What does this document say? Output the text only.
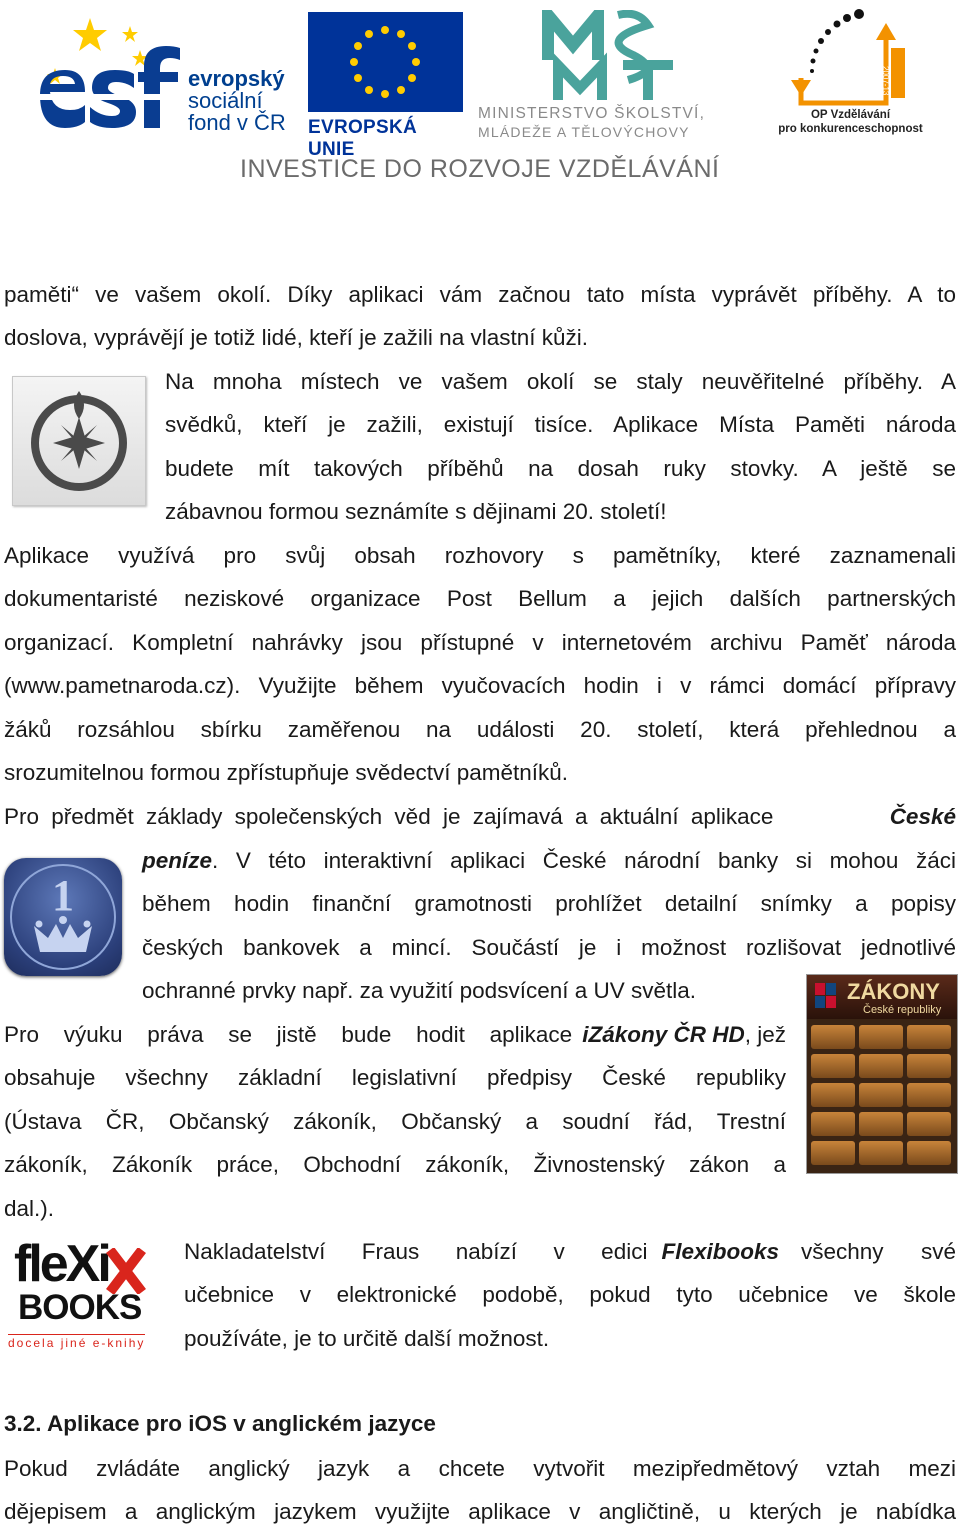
evropský
sociální
fond v ČR EVROPSKÁ UNIE
MINISTERSTVO ŠKOLSTVÍ,
MLÁDEŽE A TĚLOVÝCHOVY
2007-13
OP Vzdělávání
pro konkurenceschopnost
INVESTICE DO ROZVOJE VZDĚLÁVÁNÍ
paměti“ ve vašem okolí. Díky aplikaci vám začnou tato místa vyprávět příběhy. A to
doslova, vyprávějí je totiž lidé, kteří je zažili na vlastní kůži.
Na mnoha místech ve vašem okolí se staly neuvěřitelné příběhy. A
svědků, kteří je zažili, existují tisíce. Aplikace Místa Paměti národa
budete mít takových příběhů na dosah ruky stovky. A ještě se
zábavnou formou seznámíte s dějinami 20. století!
Aplikace využívá pro svůj obsah rozhovory s pamětníky, které zaznamenali
dokumentaristé neziskové organizace Post Bellum a jejich dalších partnerských
organizací. Kompletní nahrávky jsou přístupné v internetovém archivu Paměť národa
(www.pametnaroda.cz). Využijte během vyučovacích hodin i v rámci domácí přípravy
žáků rozsáhlou sbírku zaměřenou na události 20. století, která přehlednou a
srozumitelnou formou zpřístupňuje svědectví pamětníků.
Pro předmět základy společenských věd je zajímavá a aktuální aplikace	České
1
peníze . V této interaktivní aplikaci České národní banky si mohou žáci
během hodin finanční gramotnosti prohlížet detailní snímky a popisy
českých bankovek a mincí. Součástí je i možnost rozlišovat jednotlivé
ochranné prvky např. za využití podsvícení a UV světla.	ZÁKONY
České republiky
Pro výuku práva se jistě bude hodit aplikace iZákony ČR HD , jež
obsahuje všechny základní legislativní předpisy České republiky
(Ústava ČR, Občanský zákoník, Občanský a soudní řád, Trestní
zákoník, Zákoník práce, Obchodní zákoník, Živnostenský zákon a
dal.).
fleXi
BOOKS
docela jiné e-knihy
Nakladatelství Fraus nabízí v edici Flexibooks všechny své
učebnice v elektronické podobě, pokud tyto učebnice ve škole
používáte, je to určitě další možnost.
3.2. Aplikace pro iOS v anglickém jazyce
Pokud zvládáte anglický jazyk a chcete vytvořit mezipředmětový vztah mezi
dějepisem a anglickým jazykem využijte aplikace v angličtině, u kterých je nabídka
